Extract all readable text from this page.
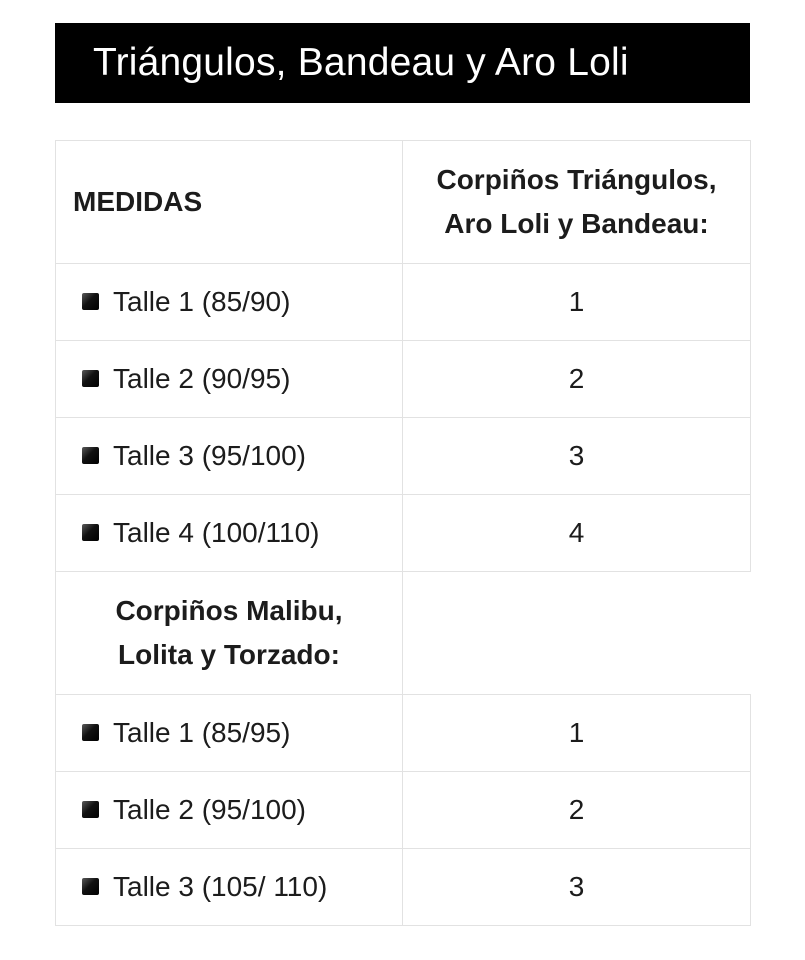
Triángulos, Bandeau y Aro Loli
MEDIDAS	Corpiños Triángulos,
Aro Loli y Bandeau:
Talle 1 (85/90)	1
Talle 2 (90/95)	2
Talle 3 (95/100)	3
Talle 4 (100/110)	4
Corpiños Malibu,
Lolita y Torzado:	
Talle 1 (85/95)	1
Talle 2 (95/100)	2
Talle 3 (105/ 110)	3
